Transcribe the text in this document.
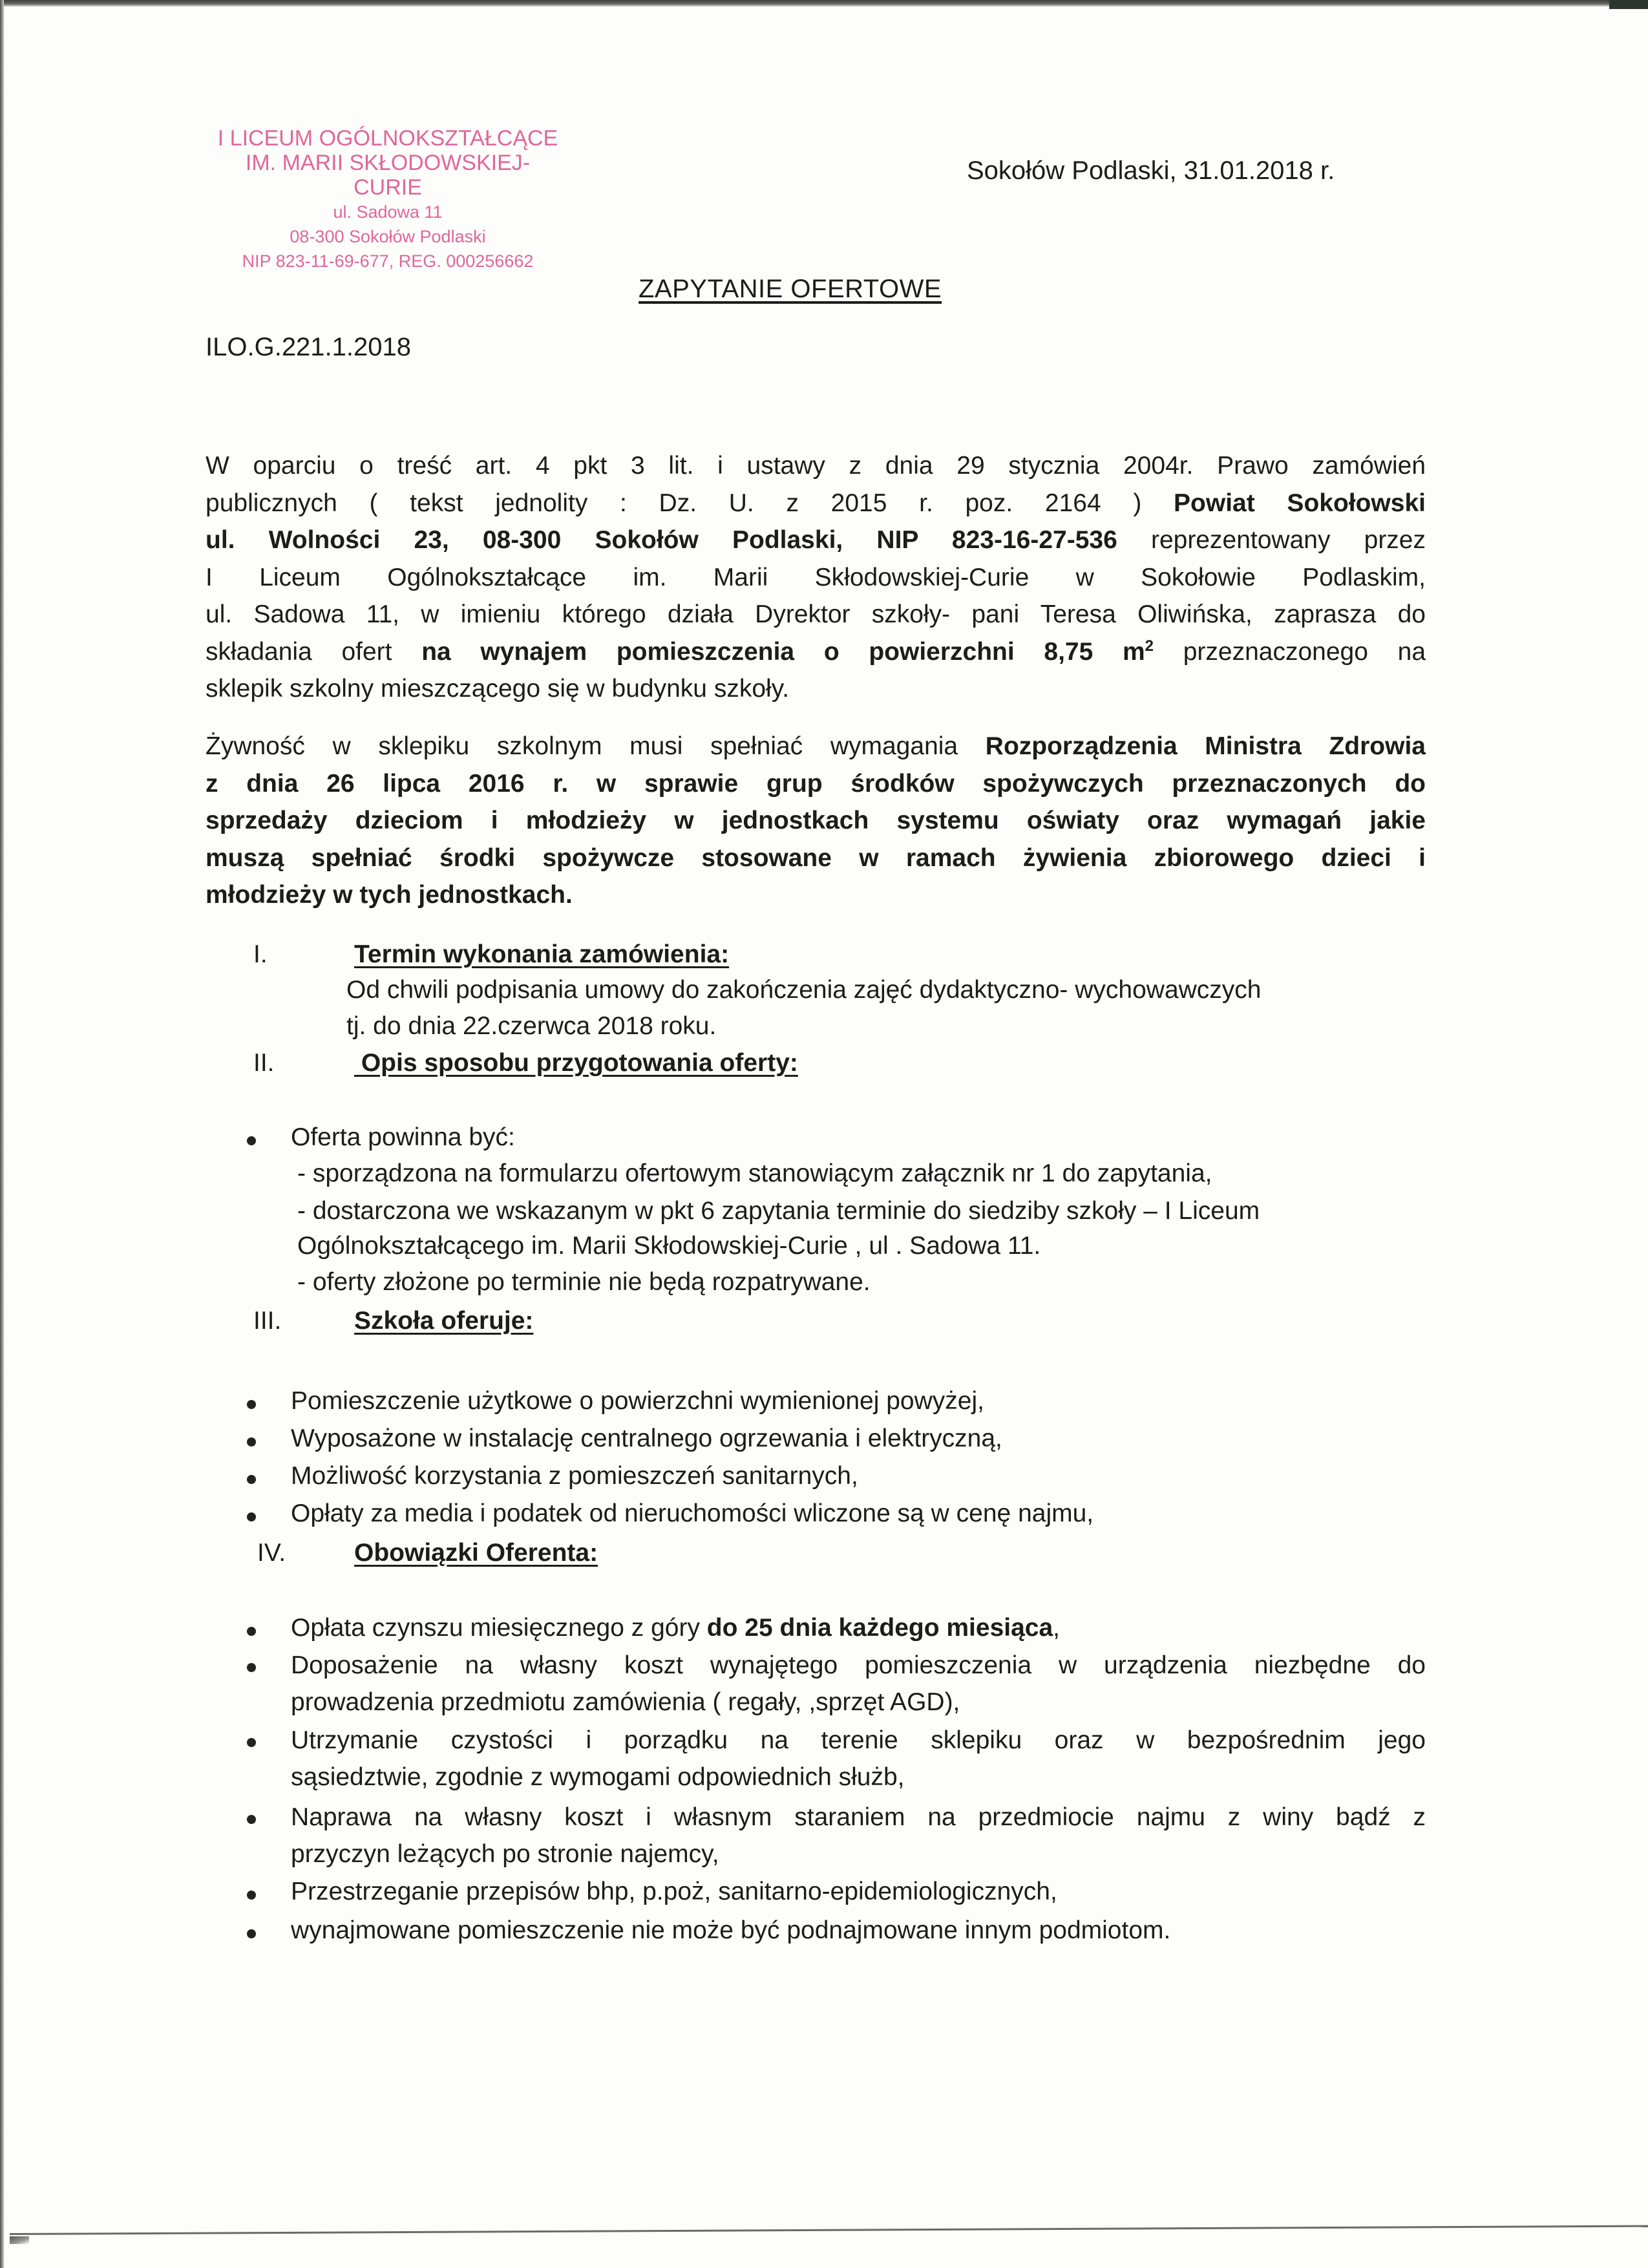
I LICEUM OGÓLNOKSZTAŁCĄCE
IM. MARII SKŁODOWSKIEJ-CURIE
ul. Sadowa 11
08-300 Sokołów Podlaski
NIP 823-11-69-677, REG. 000256662
Sokołów Podlaski, 31.01.2018 r.
ZAPYTANIE OFERTOWE
ILO.G.221.1.2018
W oparciu o treść art. 4 pkt 3 lit. i ustawy z dnia 29 stycznia 2004r. Prawo zamówień
publicznych ( tekst jednolity : Dz. U. z 2015 r. poz. 2164 ) Powiat Sokołowski
ul. Wolności 23, 08-300 Sokołów Podlaski, NIP 823-16-27-536 reprezentowany przez
I Liceum Ogólnokształcące im. Marii Skłodowskiej-Curie w Sokołowie Podlaskim,
ul. Sadowa 11, w imieniu którego działa Dyrektor szkoły- pani Teresa Oliwińska, zaprasza do
składania ofert na wynajem pomieszczenia o powierzchni 8,75 $m^2$ przeznaczonego na
sklepik szkolny mieszczącego się w budynku szkoły.
Żywność w sklepiku szkolnym musi spełniać wymagania Rozporządzenia Ministra Zdrowia
z dnia 26 lipca 2016 r. w sprawie grup środków spożywczych przeznaczonych do
sprzedaży dzieciom i młodzieży w jednostkach systemu oświaty oraz wymagań jakie
muszą spełniać środki spożywcze stosowane w ramach żywienia zbiorowego dzieci i
młodzieży w tych jednostkach.
I.	Termin wykonania zamówienia:
Od chwili podpisania umowy do zakończenia zajęć dydaktyczno- wychowawczych
tj. do dnia 22.czerwca 2018 roku.
II.	Opis sposobu przygotowania oferty:
Oferta powinna być:
- sporządzona na formularzu ofertowym stanowiącym załącznik nr 1 do zapytania,
- dostarczona we wskazanym w pkt 6 zapytania terminie do siedziby szkoły – I Liceum
Ogólnokształcącego im. Marii Skłodowskiej-Curie , ul . Sadowa 11.
- oferty złożone po terminie nie będą rozpatrywane.
III.	Szkoła oferuje:
Pomieszczenie użytkowe o powierzchni wymienionej powyżej,
Wyposażone w instalację centralnego ogrzewania i elektryczną,
Możliwość korzystania z pomieszczeń sanitarnych,
Opłaty za media i podatek od nieruchomości wliczone są w cenę najmu,
IV.	Obowiązki Oferenta:
Opłata czynszu miesięcznego z góry do 25 dnia każdego miesiąca,
Doposażenie na własny koszt wynajętego pomieszczenia w urządzenia niezbędne do
prowadzenia przedmiotu zamówienia ( regały, ,sprzęt AGD),
Utrzymanie czystości i porządku na terenie sklepiku oraz w bezpośrednim jego
sąsiedztwie, zgodnie z wymogami odpowiednich służb,
Naprawa na własny koszt i własnym staraniem na przedmiocie najmu z winy bądź z
przyczyn leżących po stronie najemcy,
Przestrzeganie przepisów bhp, p.poż, sanitarno-epidemiologicznych,
wynajmowane pomieszczenie nie może być podnajmowane innym podmiotom.
